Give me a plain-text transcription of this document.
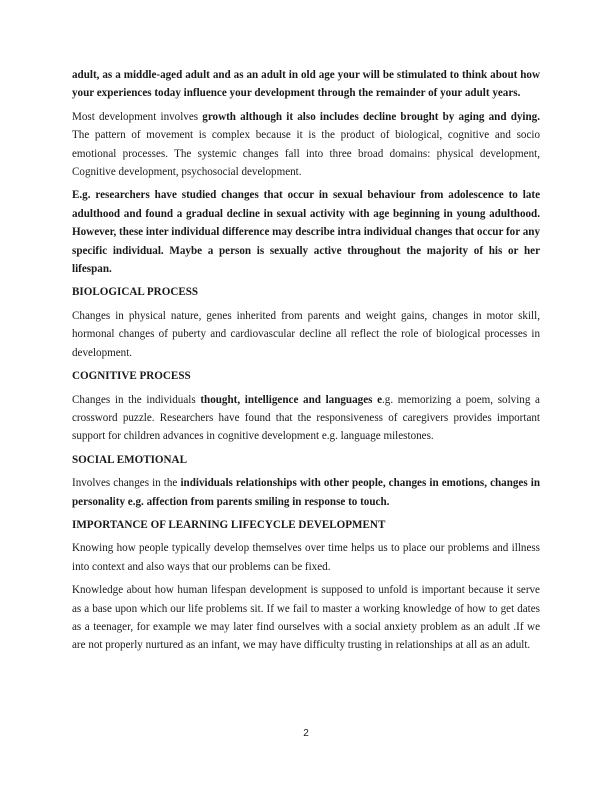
adult, as a middle-aged adult and as an adult in old age your will be stimulated to think about how your experiences today influence your development through the remainder of your adult years.

Most development involves growth although it also includes decline brought by aging and dying. The pattern of movement is complex because it is the product of biological, cognitive and socio emotional processes. The systemic changes fall into three broad domains: physical development, Cognitive development, psychosocial development.

E.g. researchers have studied changes that occur in sexual behaviour from adolescence to late adulthood and found a gradual decline in sexual activity with age beginning in young adulthood. However, these inter individual difference may describe intra individual changes that occur for any specific individual. Maybe a person is sexually active throughout the majority of his or her lifespan.

BIOLOGICAL PROCESS

Changes in physical nature, genes inherited from parents and weight gains, changes in motor skill, hormonal changes of puberty and cardiovascular decline all reflect the role of biological processes in development.

COGNITIVE PROCESS

Changes in the individuals thought, intelligence and languages e.g. memorizing a poem, solving a crossword puzzle. Researchers have found that the responsiveness of caregivers provides important support for children advances in cognitive development e.g. language milestones.

SOCIAL EMOTIONAL

Involves changes in the individuals relationships with other people, changes in emotions, changes in personality e.g. affection from parents smiling in response to touch.

IMPORTANCE OF LEARNING LIFECYCLE DEVELOPMENT

Knowing how people typically develop themselves over time helps us to place our problems and illness into context and also ways that our problems can be fixed.

Knowledge about how human lifespan development is supposed to unfold is important because it serve as a base upon which our life problems sit. If we fail to master a working knowledge of how to get dates as a teenager, for example we may later find ourselves with a social anxiety problem as an adult .If we are not properly nurtured as an infant, we may have difficulty trusting in relationships at all as an adult.

2
